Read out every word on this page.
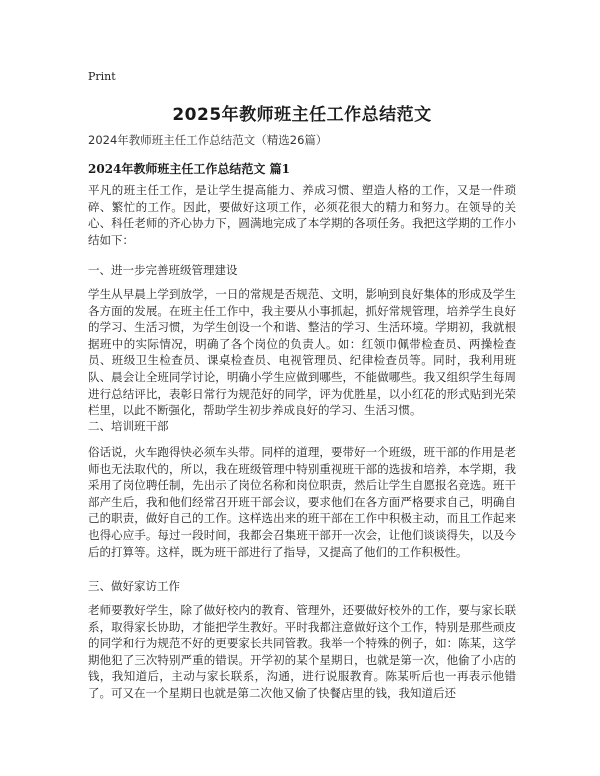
Print
2025年教师班主任工作总结范文
2024年教师班主任工作总结范文（精选26篇）
2024年教师班主任工作总结范文 篇1
平凡的班主任工作，是让学生提高能力、养成习惯、塑造人格的工作，又是一件琐碎、繁忙的工作。因此，要做好这项工作，必须花很大的精力和努力。在领导的关心、科任老师的齐心协力下，圆满地完成了本学期的各项任务。我把这学期的工作小结如下：
一、进一步完善班级管理建设
学生从早晨上学到放学，一日的常规是否规范、文明，影响到良好集体的形成及学生各方面的发展。在班主任工作中，我主要从小事抓起，抓好常规管理，培养学生良好的学习、生活习惯，为学生创设一个和谐、整洁的学习、生活环境。学期初，我就根据班中的实际情况，明确了各个岗位的负责人。如：红领巾佩带检查员、两操检查员、班级卫生检查员、课桌检查员、电视管理员、纪律检查员等。同时，我利用班队、晨会让全班同学讨论，明确小学生应做到哪些，不能做哪些。我又组织学生每周进行总结评比，表彰日常行为规范好的同学，评为优胜星，以小红花的形式贴到光荣栏里，以此不断强化，帮助学生初步养成良好的学习、生活习惯。
二、培训班干部
俗话说，火车跑得快必须车头带。同样的道理，要带好一个班级，班干部的作用是老师也无法取代的，所以，我在班级管理中特别重视班干部的选拔和培养，本学期，我采用了岗位聘任制，先出示了岗位名称和岗位职责，然后让学生自愿报名竞选。班干部产生后，我和他们经常召开班干部会议，要求他们在各方面严格要求自己，明确自己的职责，做好自己的工作。这样选出来的班干部在工作中积极主动，而且工作起来也得心应手。每过一段时间，我都会召集班干部开一次会，让他们谈谈得失，以及今后的打算等。这样，既为班干部进行了指导，又提高了他们的工作积极性。
三、做好家访工作
老师要教好学生，除了做好校内的教育、管理外，还要做好校外的工作，要与家长联系，取得家长协助，才能把学生教好。平时我都注意做好这个工作，特别是那些顽皮的同学和行为规范不好的更要家长共同管教。我举一个特殊的例子，如：陈某，这学期他犯了三次特别严重的错误。开学初的某个星期日，也就是第一次，他偷了小店的钱，我知道后，主动与家长联系，沟通，进行说服教育。陈某听后也一再表示他错了。可又在一个星期日也就是第二次他又偷了快餐店里的钱，我知道后还
